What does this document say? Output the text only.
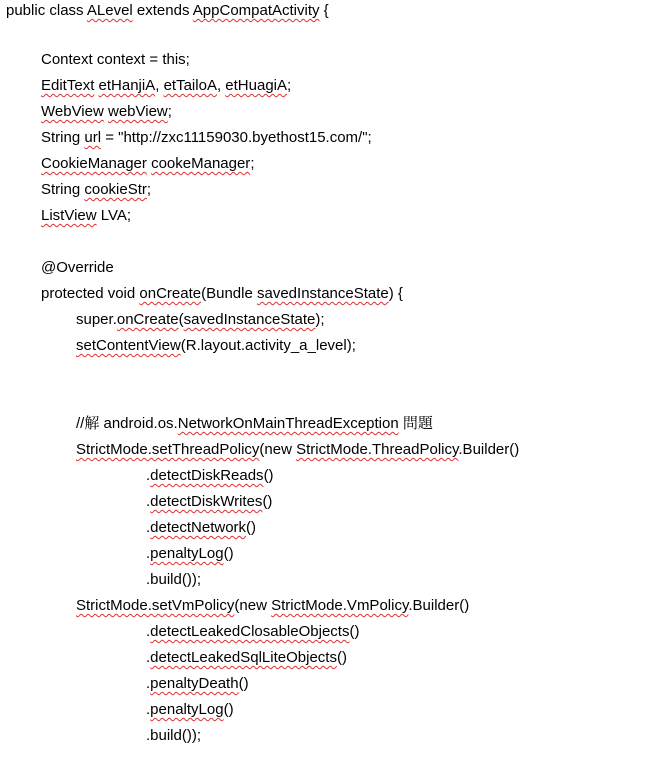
public class ALevel extends AppCompatActivity {
Context context = this;
EditText etHanjiA, etTailoA, etHuagiA;
WebView webView;
String url = "http://zxc11159030.byethost15.com/";
CookieManager cookeManager;
String cookieStr;
ListView LVA;
@Override
protected void onCreate(Bundle savedInstanceState) {
super.onCreate(savedInstanceState);
setContentView(R.layout.activity_a_level);
//解 android.os.NetworkOnMainThreadException 問題
StrictMode.setThreadPolicy(new StrictMode.ThreadPolicy.Builder()
.detectDiskReads()
.detectDiskWrites()
.detectNetwork()
.penaltyLog()
.build());
StrictMode.setVmPolicy(new StrictMode.VmPolicy.Builder()
.detectLeakedClosableObjects()
.detectLeakedSqlLiteObjects()
.penaltyDeath()
.penaltyLog()
.build());
